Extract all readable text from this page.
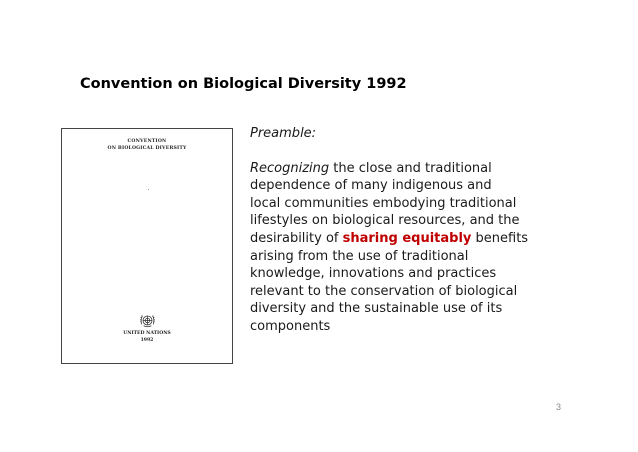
Convention on Biological Diversity 1992
CONVENTION
ON BIOLOGICAL DIVERSITY
UNITED NATIONS
1992

Preamble:

Recognizing the close and traditional
dependence of many indigenous and
local communities embodying traditional
lifestyles on biological resources, and the
desirability of sharing equitably benefits
arising from the use of traditional
knowledge, innovations and practices
relevant to the conservation of biological
diversity and the sustainable use of its
components

3
